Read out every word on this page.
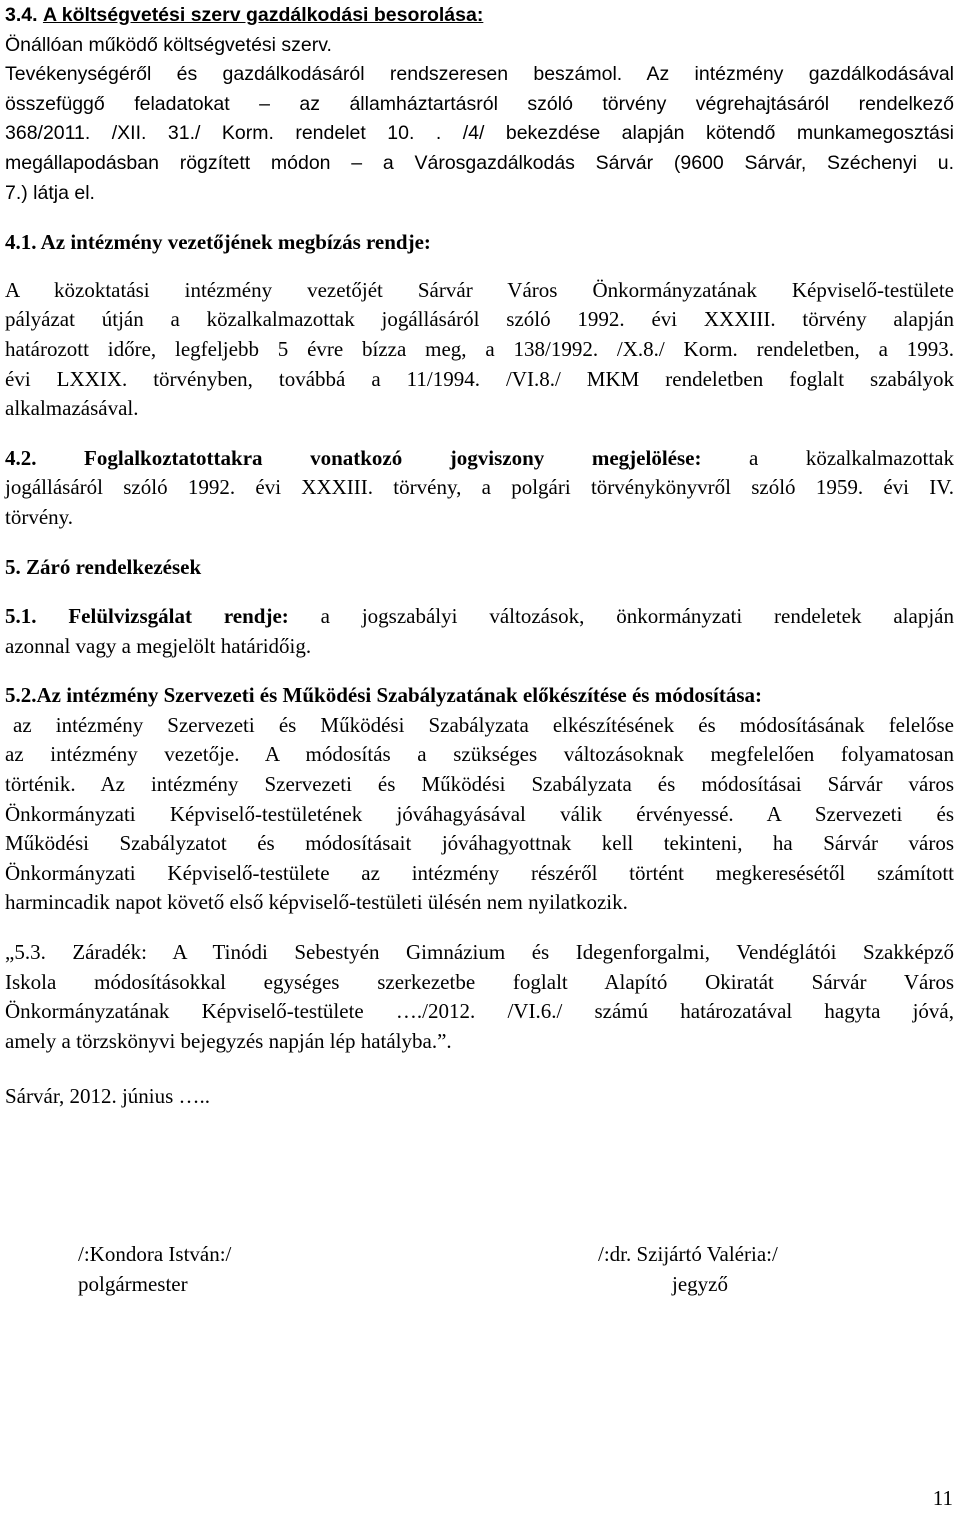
3.4. A költségvetési szerv gazdálkodási besorolása:
Önállóan működő költségvetési szerv.
Tevékenységéről és gazdálkodásáról rendszeresen beszámol. Az intézmény gazdálkodásával
összefüggő feladatokat – az államháztartásról szóló törvény végrehajtásáról rendelkező
368/2011. /XII. 31./ Korm. rendelet 10. . /4/ bekezdése alapján kötendő munkamegosztási
megállapodásban rögzített módon – a Városgazdálkodás Sárvár (9600 Sárvár, Széchenyi u.
7.) látja el.
4.1. Az intézmény vezetőjének megbízás rendje:
A közoktatási intézmény vezetőjét Sárvár Város Önkormányzatának Képviselő-testülete
pályázat útján a közalkalmazottak jogállásáról szóló 1992. évi XXXIII. törvény alapján
határozott időre, legfeljebb 5 évre bízza meg, a 138/1992. /X.8./ Korm. rendeletben, a 1993.
évi LXXIX. törvényben, továbbá a 11/1994. /VI.8./ MKM rendeletben foglalt szabályok
alkalmazásával.
4.2. Foglalkoztatottakra vonatkozó jogviszony megjelölése: a közalkalmazottak
jogállásáról szóló 1992. évi XXXIII. törvény, a polgári törvénykönyvről szóló 1959. évi IV.
törvény.
5. Záró rendelkezések
5.1. Felülvizsgálat rendje: a jogszabályi változások, önkormányzati rendeletek alapján
azonnal vagy a megjelölt határidőig.
5.2.Az intézmény Szervezeti és Működési Szabályzatának előkészítése és módosítása:
az intézmény Szervezeti és Működési Szabályzata elkészítésének és módosításának felelőse
az intézmény vezetője. A módosítás a szükséges változásoknak megfelelően folyamatosan
történik. Az intézmény Szervezeti és Működési Szabályzata és módosításai Sárvár város
Önkormányzati Képviselő-testületének jóváhagyásával válik érvényessé. A Szervezeti és
Működési Szabályzatot és módosításait jóváhagyottnak kell tekinteni, ha Sárvár város
Önkormányzati Képviselő-testülete az intézmény részéről történt megkeresésétől számított
harmincadik napot követő első képviselő-testületi ülésén nem nyilatkozik.
„5.3. Záradék: A Tinódi Sebestyén Gimnázium és Idegenforgalmi, Vendéglátói Szakképző
Iskola módosításokkal egységes szerkezetbe foglalt Alapító Okiratát Sárvár Város
Önkormányzatának Képviselő-testülete …./2012. /VI.6./ számú határozatával hagyta jóvá,
amely a törzskönyvi bejegyzés napján lép hatályba.”.
Sárvár, 2012. június …..
/:Kondora István:/
polgármester
/:dr. Szijártó Valéria:/
jegyző
11
